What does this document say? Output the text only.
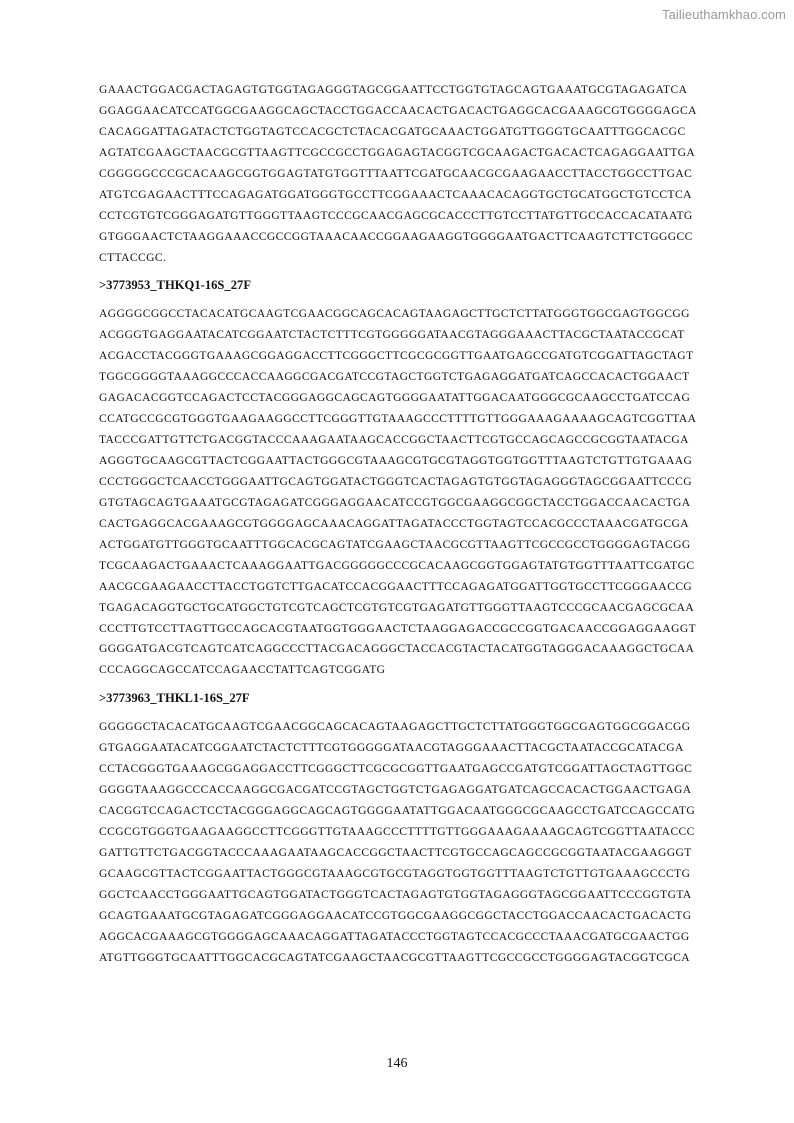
Tailieuthamkhao.com
GAAACTGGACGACTAGAGTGTGGTAGAGGGTAGCGGAATTCCTGGTGTAGCAGTGAAATGCGTAGAGATCA
GGAGGAACATCCATGGCGAAGGCAGCTACCTGGACCAACACTGACACTGAGGCACGAAAGCGTGGGGAGCA
CACAGGATTAGATACTCTGGTAGTCCACGCTCTACACGATGCAAACTGGATGTTGGGTGCAATTTGGCACGC
AGTATCGAAGCTAACGCGTTAAGTTCGCCGCCTGGAGAGTACGGTCGCAAGACTGACACTCAGAGGAATTGA
CGGGGGCCCGCACAAGCGGTGGAGTATGTGGTTTAATTCGATGCAACGCGAAGAACCTTACCTGGCCTTGAC
ATGTCGAGAACTTTCCAGAGATGGATGGGTGCCTTCGGAAACTCAAACACAGGTGCTGCATGGCTGTCCTCA
CCTCGTGTCGGGAGATGTTGGGTTAAGTCCCGCAACGAGCGCACCCTTGTCCTTATGTTGCCACCACATAATG
GTGGGAACTCTAAGGAAACCGCCGGTAAACAACCGGAAGAAGGTGGGGAATGACTTCAAGTCTTCTGGGCC
CTTACCGC.
>3773953_THKQ1-16S_27F
AGGGGCGGCCTACACATGCAAGTCGAACGGCAGCACAGTAAGAGCTTGCTCTTATGGGTGGCGAGTGGCGG
ACGGGTGAGGAATACATCGGAATCTACTCTTTCGTGGGGGATAACGTAGGGAAACTTACGCTAATACCGCAT
ACGACCTACGGGTGAAAGCGGAGGACCTTCGGGCTTCGCGCGGTTGAATGAGCCGATGTCGGATTAGCTAGT
TGGCGGGGTAAAGGCCCACCAAGGCGACGATCCGTAGCTGGTCTGAGAGGATGATCAGCCACACTGGAACT
GAGACACGGTCCAGACTCCTACGGGAGGCAGCAGTGGGGAATATTGGACAATGGGCGCAAGCCTGATCCAG
CCATGCCGCGTGGGTGAAGAAGGCCTTCGGGTTGTAAAGCCCTTTTGTTGGGAAAGAAAAGCAGTCGGTTAA
TACCCGATTGTTCTGACGGTACCCAAAGAATAAGCACCGGCTAACTTCGTGCCAGCAGCCGCGGTAATACGA
AGGGTGCAAGCGTTACTCGGAATTACTGGGCGTAAAGCGTGCGTAGGTGGTGGTTTAAGTCTGTTGTGAAAG
CCCTGGGCTCAACCTGGGAATTGCAGTGGATACTGGGTCACTAGAGTGTGGTAGAGGGTAGCGGAATTCCCG
GTGTAGCAGTGAAATGCGTAGAGATCGGGAGGAACATCCGTGGCGAAGGCGGCTACCTGGACCAACACTGA
CACTGAGGCACGAAAGCGTGGGGAGCAAACAGGATTAGATACCCTGGTAGTCCACGCCCTAAACGATGCGA
ACTGGATGTTGGGTGCAATTTGGCACGCAGTATCGAAGCTAACGCGTTAAGTTCGCCGCCTGGGGAGTACGG
TCGCAAGACTGAAACTCAAAGGAATTGACGGGGGCCCGCACAAGCGGTGGAGTATGTGGTTTAATTCGATGC
AACGCGAAGAACCTTACCTGGTCTTGACATCCACGGAACTTTCCAGAGATGGATTGGTGCCTTCGGGAACCG
TGAGACAGGTGCTGCATGGCTGTCGTCAGCTCGTGTCGTGAGATGTTGGGTTAAGTCCCGCAACGAGCGCAA
CCCTTGTCCTTAGTTGCCAGCACGTAATGGTGGGAACTCTAAGGAGACCGCCGGTGACAACCGGAGGAAGGT
GGGGATGACGTCAGTCATCAGGCCCTTACGACAGGGCTACCACGTACTACATGGTAGGGACAAAGGCTGCAA
CCCAGGCAGCCATCCAGAACCTATTCAGTCGGATG
>3773963_THKL1-16S_27F
GGGGGCTACACATGCAAGTCGAACGGCAGCACAGTAAGAGCTTGCTCTTATGGGTGGCGAGTGGCGGACGG
GTGAGGAATACATCGGAATCTACTCTTTCGTGGGGGATAACGTAGGGAAACTTACGCTAATACCGCATACGA
CCTACGGGTGAAAGCGGAGGACCTTCGGGCTTCGCGCGGTTGAATGAGCCGATGTCGGATTAGCTAGTTGGC
GGGGTAAAGGCCCACCAAGGCGACGATCCGTAGCTGGTCTGAGAGGATGATCAGCCACACTGGAACTGAGA
CACGGTCCAGACTCCTACGGGAGGCAGCAGTGGGGAATATTGGACAATGGGCGCAAGCCTGATCCAGCCATG
CCGCGTGGGTGAAGAAGGCCTTCGGGTTGTAAAGCCCTTTTGTTGGGAAAGAAAAGCAGTCGGTTAATACCC
GATTGTTCTGACGGTACCCAAAGAATAAGCACCGGCTAACTTCGTGCCAGCAGCCGCGGTAATACGAAGGGT
GCAAGCGTTACTCGGAATTACTGGGCGTAAAGCGTGCGTAGGTGGTGGTTTAAGTCTGTTGTGAAAGCCCTG
GGCTCAACCTGGGAATTGCAGTGGATACTGGGTCACTAGAGTGTGGTAGAGGGTAGCGGAATTCCCGGTGTA
GCAGTGAAATGCGTAGAGATCGGGAGGAACATCCGTGGCGAAGGCGGCTACCTGGACCAACACTGACACTG
AGGCACGAAAGCGTGGGGAGCAAACAGGATTAGATACCCTGGTAGTCCACGCCCTAAACGATGCGAACTGG
ATGTTGGGTGCAATTTGGCACGCAGTATCGAAGCTAACGCGTTAAGTTCGCCGCCTGGGGAGTACGGTCGCA
146
